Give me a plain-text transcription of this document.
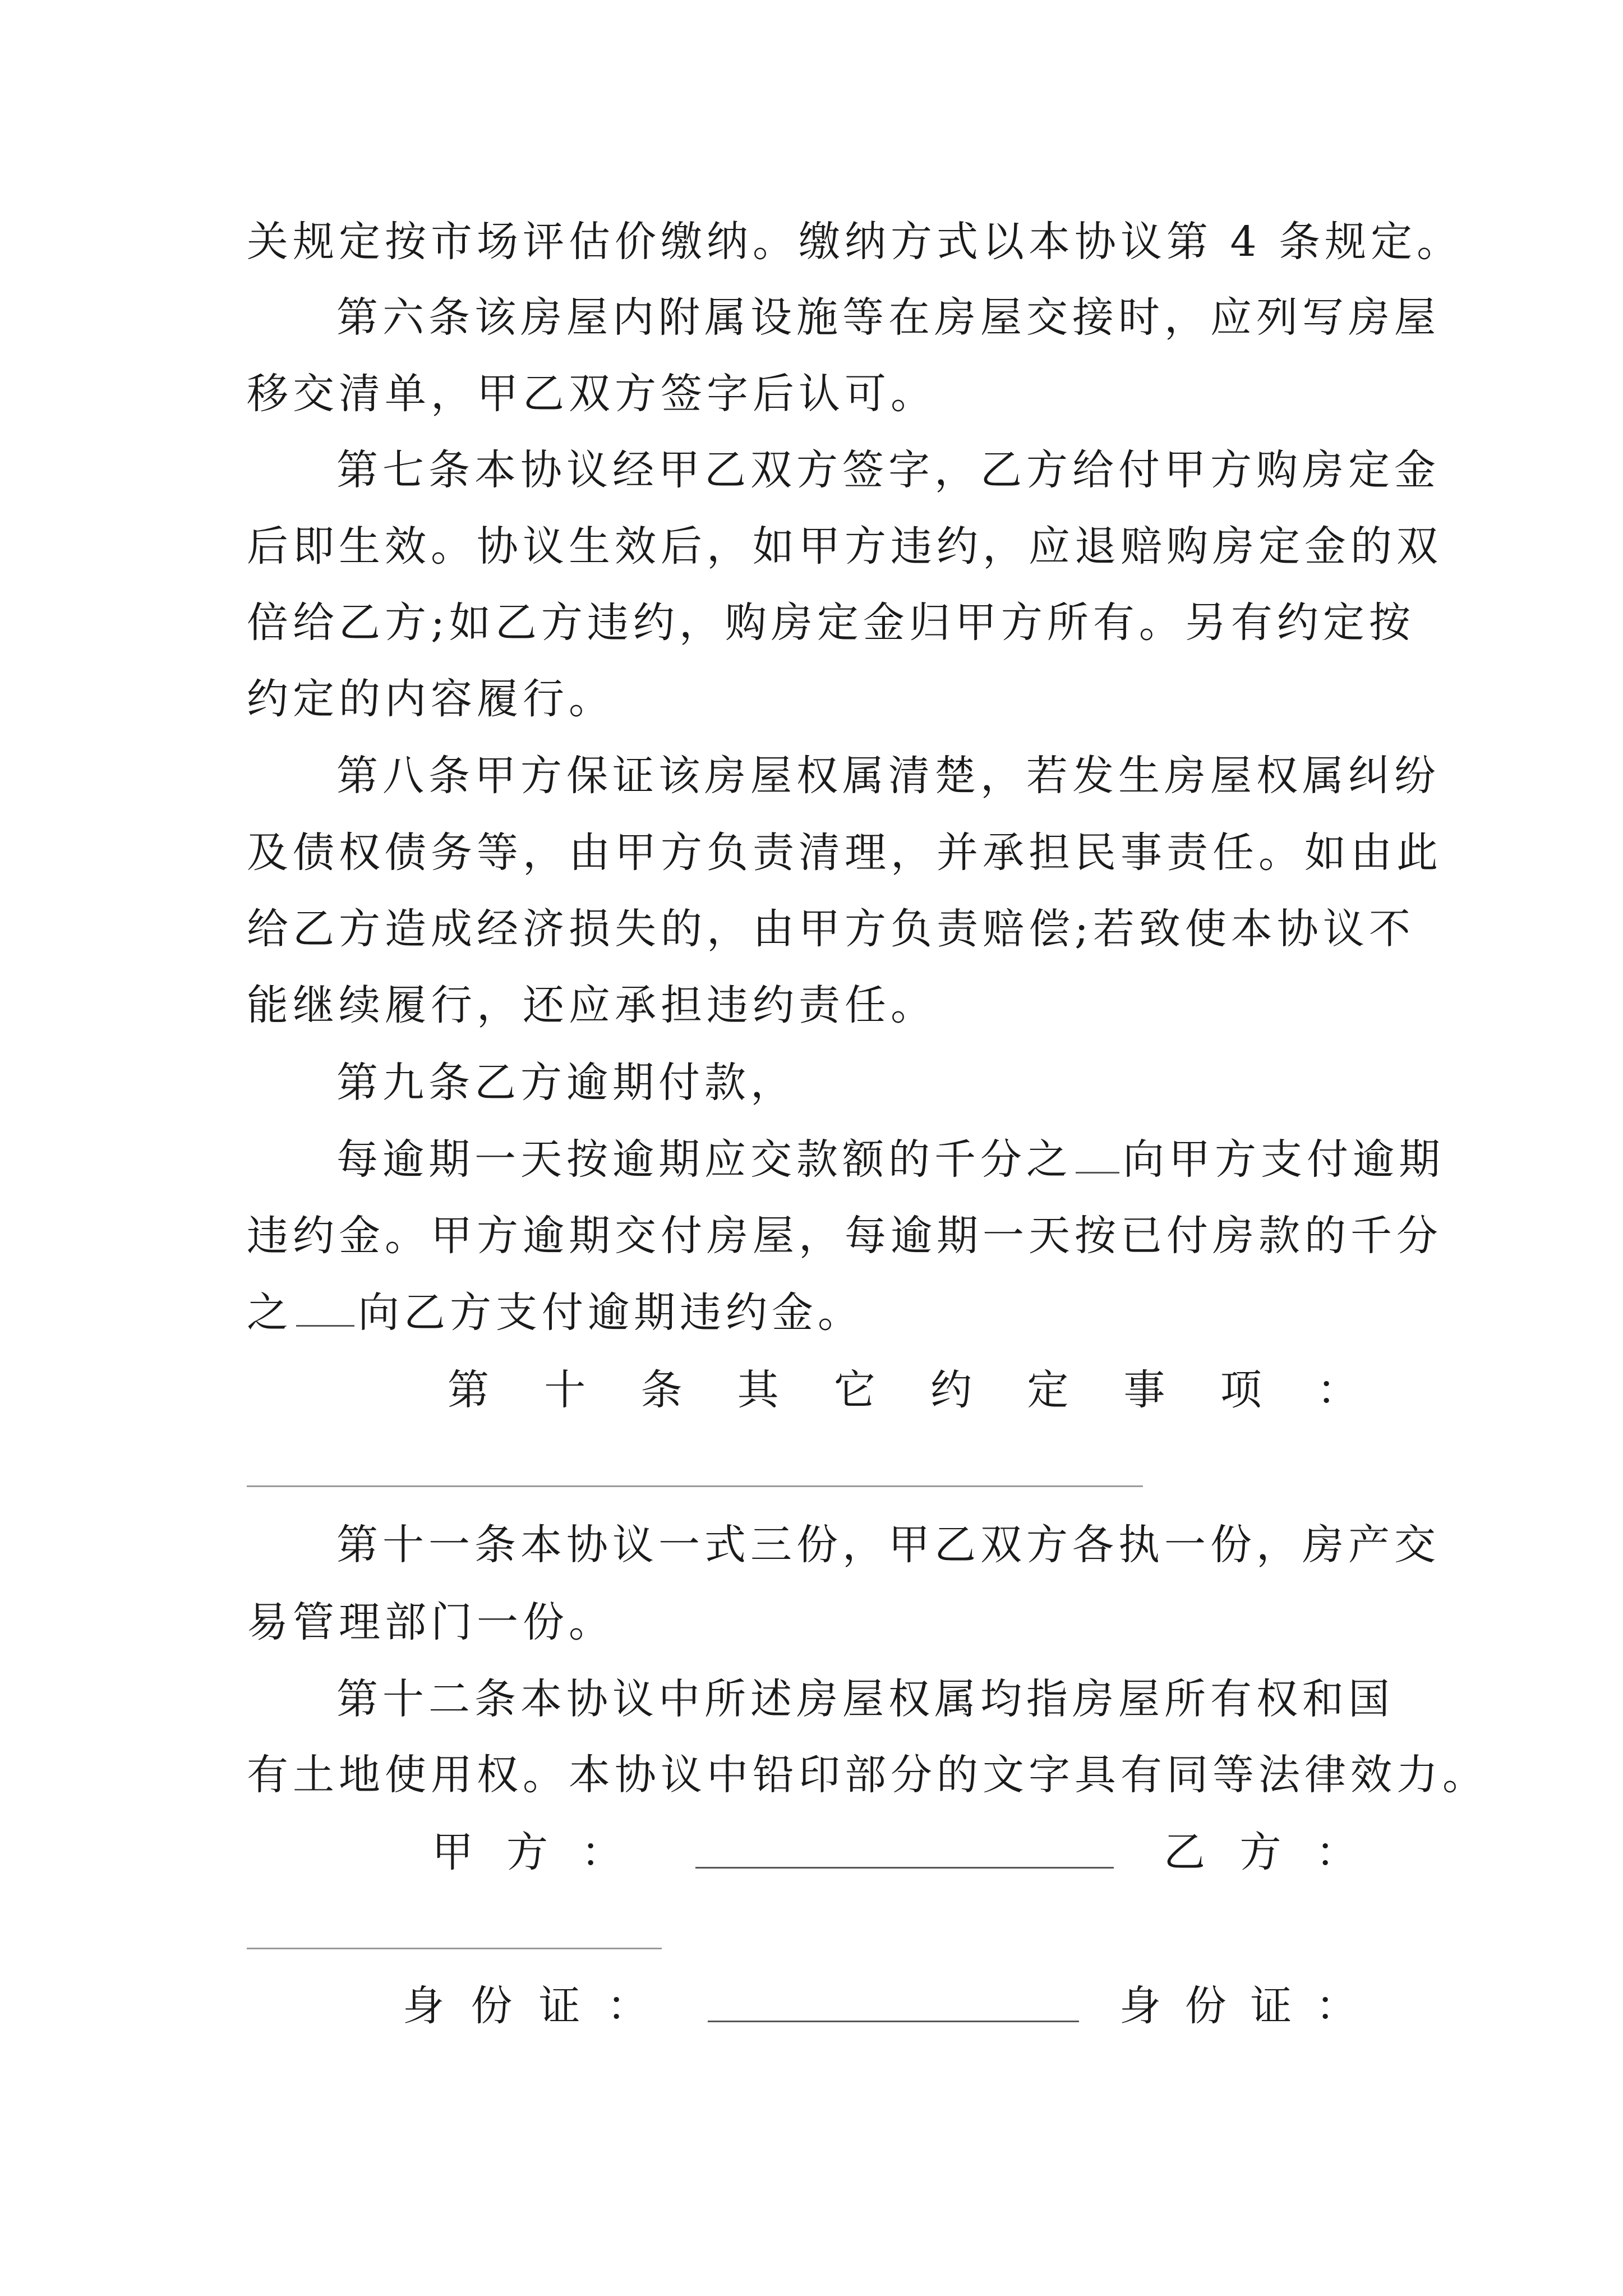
关规定按市场评估价缴纳。缴纳方式以本协议第 4 条规定。
第六条该房屋内附属设施等在房屋交接时，应列写房屋
移交清单，甲乙双方签字后认可。
第七条本协议经甲乙双方签字，乙方给付甲方购房定金
后即生效。协议生效后，如甲方违约，应退赔购房定金的双
倍给乙方;如乙方违约，购房定金归甲方所有。另有约定按
约定的内容履行。
第八条甲方保证该房屋权属清楚，若发生房屋权属纠纷
及债权债务等，由甲方负责清理，并承担民事责任。如由此
给乙方造成经济损失的，由甲方负责赔偿;若致使本协议不
能继续履行，还应承担违约责任。
第九条乙方逾期付款，
每逾期一天按逾期应交款额的千分之 向甲方支付逾期
违约金。甲方逾期交付房屋，每逾期一天按已付房款的千分
之 向乙方支付逾期违约金。
第 十 条 其 它 约 定 事 项 ：
第十一条本协议一式三份，甲乙双方各执一份，房产交
易管理部门一份。
第十二条本协议中所述房屋权属均指房屋所有权和国
有土地使用权。本协议中铅印部分的文字具有同等法律效力。
甲 方 ：	乙 方 ：
身 份 证 ：	身 份 证 ：
